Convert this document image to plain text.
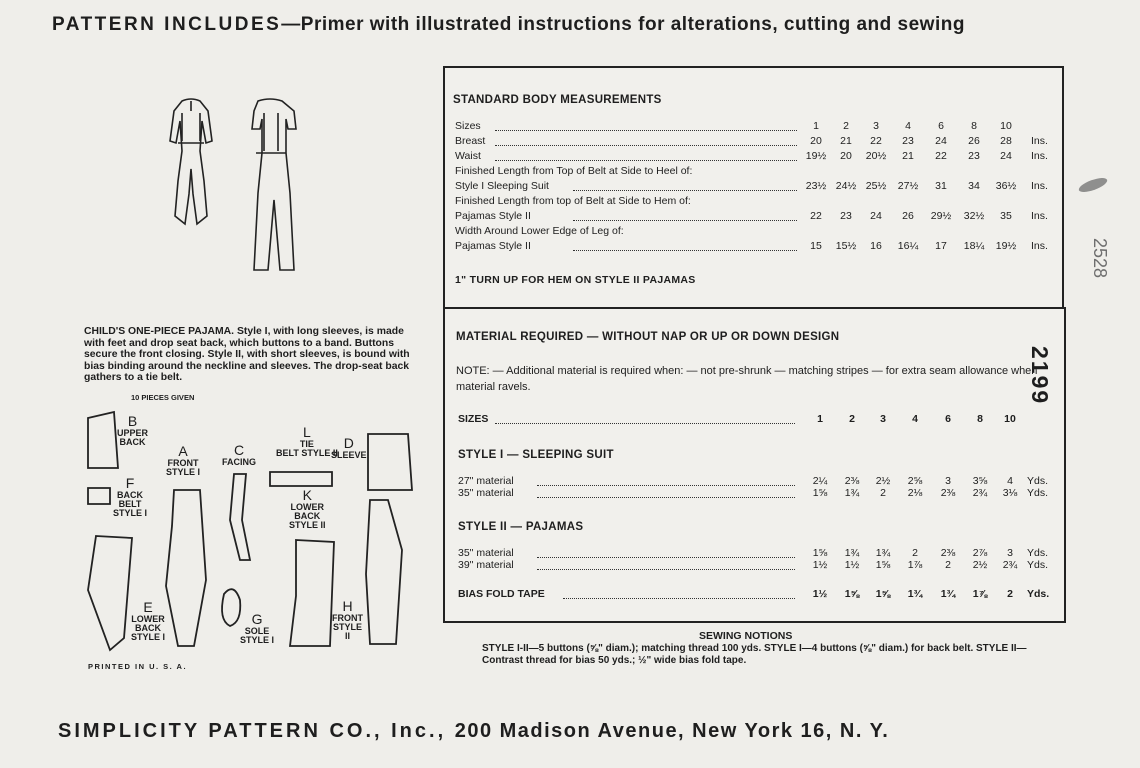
PATTERN INCLUDES—Primer with illustrated instructions for alterations, cutting and sewing
CHILD'S ONE-PIECE PAJAMA. Style I, with long sleeves, is made with feet and drop seat back, which buttons to a band. Buttons secure the front closing. Style II, with short sleeves, is bound with bias binding around the neckline and sleeves. The drop-seat back gathers to a tie belt.
10 PIECES GIVEN
B
UPPER
BACK
A
FRONT
STYLE I
C
FACING
L
TIE
BELT STYLE II
D
SLEEVE
F
BACK
BELT
STYLE I
K
LOWER
BACK
STYLE II
E
LOWER
BACK
STYLE I
G
SOLE
STYLE I
H
FRONT
STYLE
II
PRINTED IN U. S. A.
STANDARD BODY MEASUREMENTS
Sizes	1	2	3	4	6	8	10
Breast	20	21	22	23	24	26	28	Ins.
Waist	19½	20	20½	21	22	23	24	Ins.
Finished Length from Top of Belt at Side to Heel of:
Style I Sleeping Suit	23½ 24½ 25½ 27½	31	34	36½ Ins.
Finished Length from top of Belt at Side to Hem of:
Pajamas Style II	22	23	24	26	29½ 32½	35	Ins.
Width Around Lower Edge of Leg of:
Pajamas Style II	15	15½	16	16¼	17	18¼ 19½ Ins.
1" TURN UP FOR HEM ON STYLE II PAJAMAS
MATERIAL REQUIRED — WITHOUT NAP OR UP OR DOWN DESIGN
NOTE: — Additional material is required when: — not pre-shrunk — matching stripes — for extra seam allowance when material ravels.
SIZES	1	2	3	4	6	8	10
STYLE I — SLEEPING SUIT
27" material	2¼	2⅜	2½	2⅝	3	3⅝	4	Yds.
35" material	1⅝	1¾	2	2⅛	2⅜	2¾	3⅛ Yds.
STYLE II — PAJAMAS
35" material	1⅝	1¾	1¾	2	2⅜	2⅞	3	Yds.
39" material	1½	1½	1⅝	1⅞	2	2½	2¾ Yds.
BIAS FOLD TAPE	1½	1⅝	1⅝	1¾	1¾	1⅞	2	Yds.
SEWING NOTIONS
STYLE I-II—5 buttons (⅝" diam.); matching thread 100 yds. STYLE I—4 buttons (⅝" diam.) for back belt. STYLE II—Contrast thread for bias 50 yds.; ½" wide bias fold tape.
2199
2528
SIMPLICITY PATTERN CO., Inc., 200 Madison Avenue, New York 16, N. Y.
